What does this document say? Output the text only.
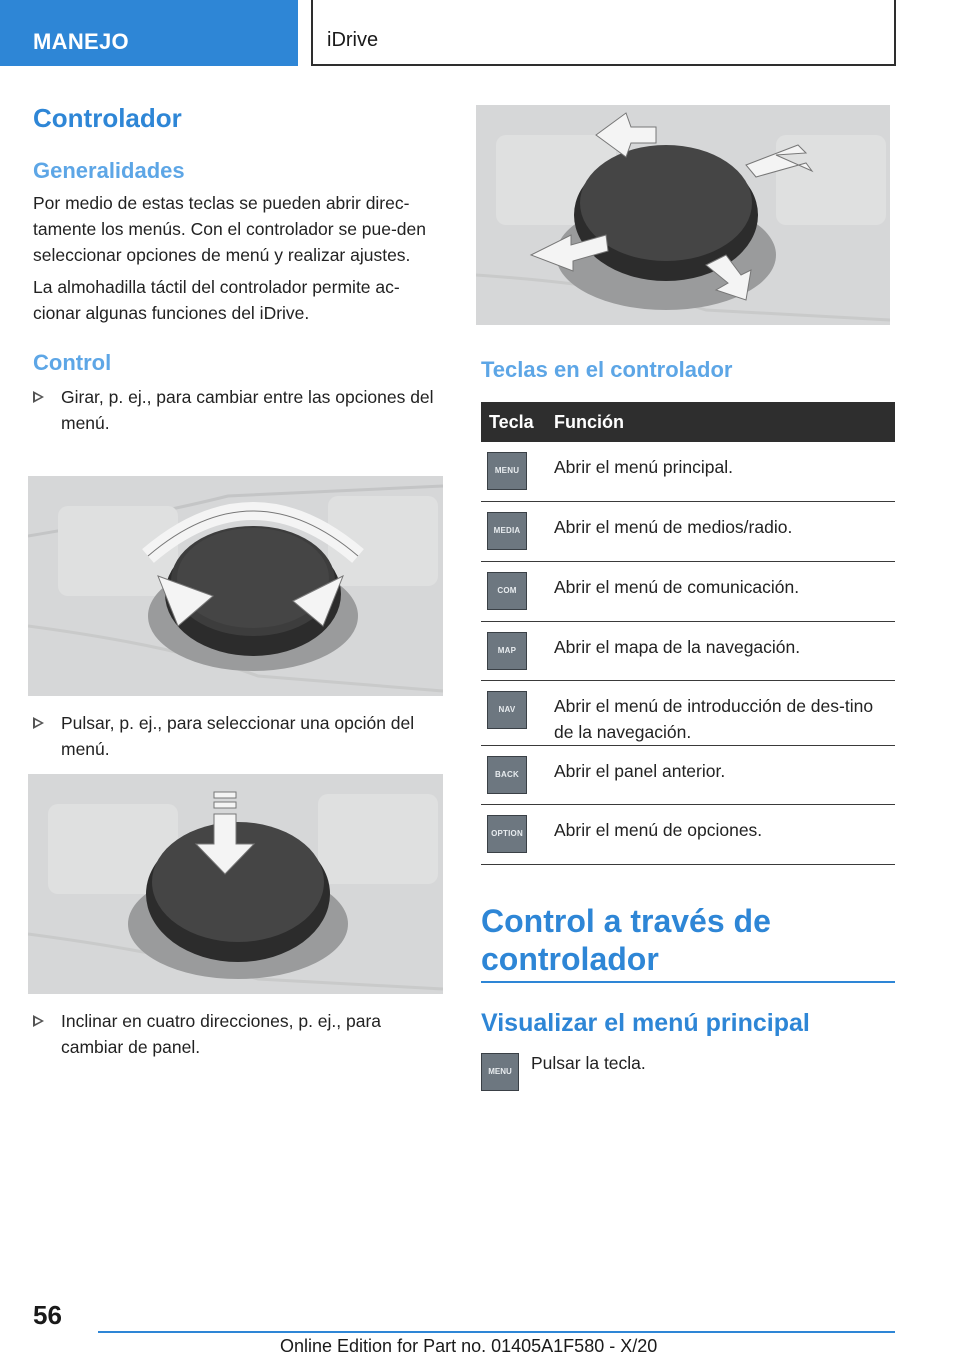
MANEJO	iDrive
Controlador
Generalidades
Por medio de estas teclas se pueden abrir direc-tamente los menús. Con el controlador se pue-den seleccionar opciones de menú y realizar ajustes.
La almohadilla táctil del controlador permite ac-cionar algunas funciones del iDrive.
Control
Girar, p. ej., para cambiar entre las opciones del menú.
Pulsar, p. ej., para seleccionar una opción del menú.
Inclinar en cuatro direcciones, p. ej., para cambiar de panel.
Teclas en el controlador
Tecla Función
MENU	Abrir el menú principal.
MEDIA	Abrir el menú de medios/radio.
COM	Abrir el menú de comunicación.
MAP	Abrir el mapa de la navegación.
NAV	Abrir el menú de introducción de des-tino de la navegación.
BACK	Abrir el panel anterior.
OPTION Abrir el menú de opciones.
Control a través de controlador
Visualizar el menú principal
MENU	Pulsar la tecla.
56
Online Edition for Part no. 01405A1F580 - X/20
